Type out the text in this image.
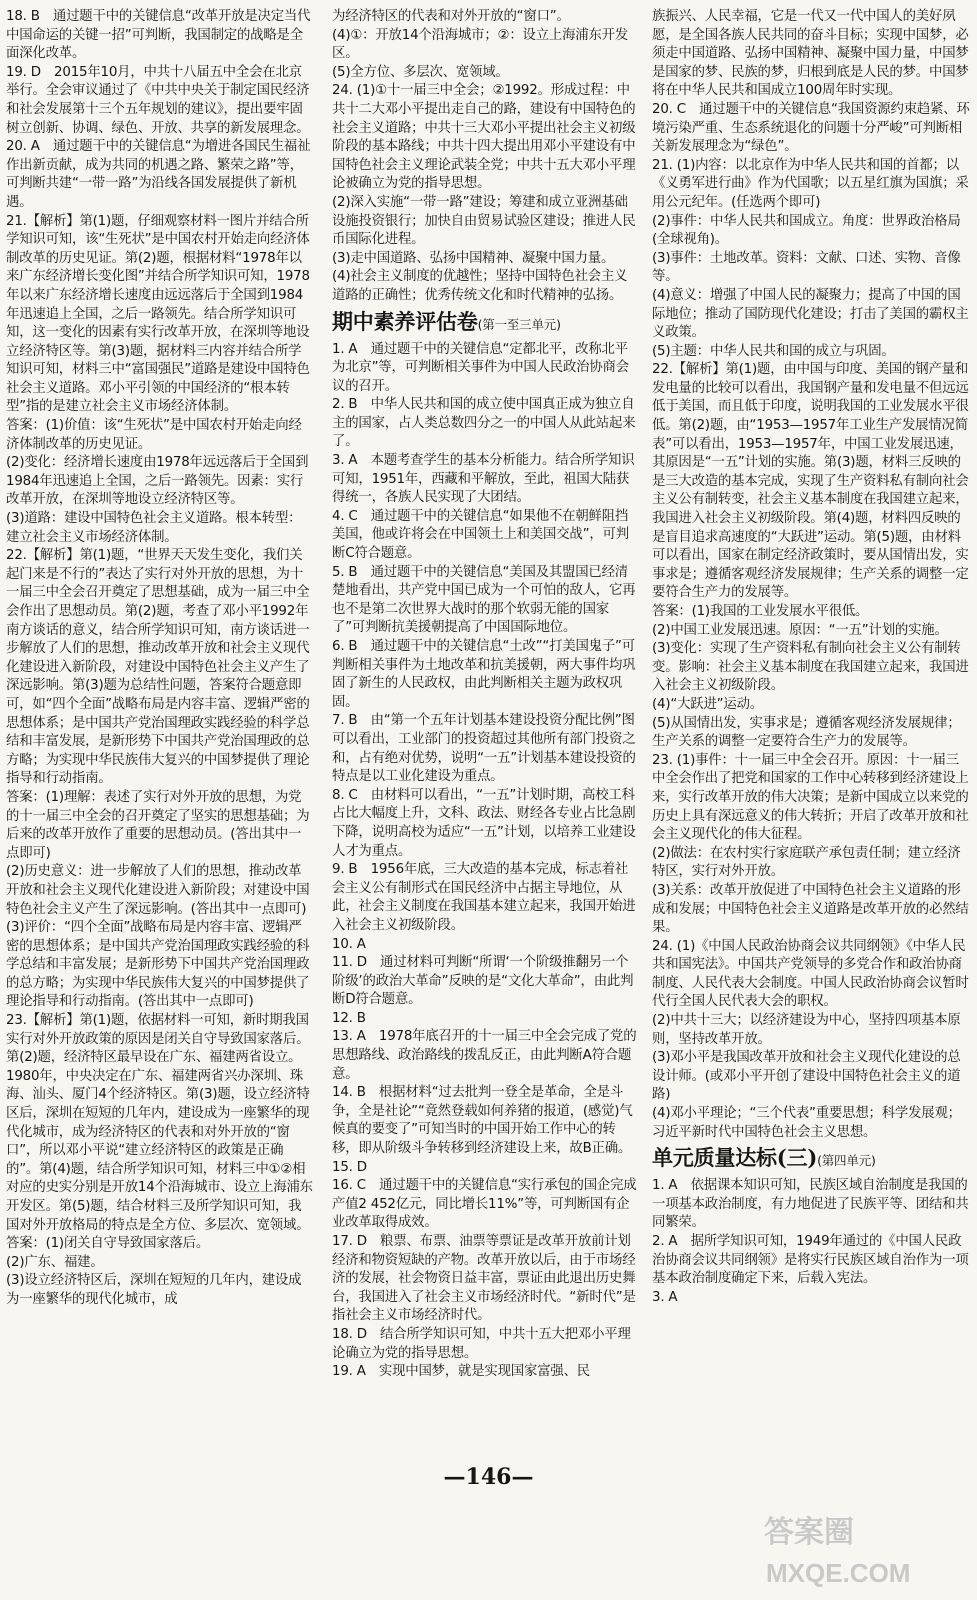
18. B　通过题干中的关键信息“改革开放是决定当代中国命运的关键一招”可判断，我国制定的战略是全面深化改革。

19. D　2015年10月，中共十八届五中全会在北京举行。全会审议通过了《中共中央关于制定国民经济和社会发展第十三个五年规划的建议》，提出要牢固树立创新、协调、绿色、开放、共享的新发展理念。

20. A　通过题干中的关键信息“为增进各国民生福祉作出新贡献，成为共同的机遇之路、繁荣之路”等，可判断共建“一带一路”为沿线各国发展提供了新机遇。

21.【解析】第(1)题，仔细观察材料一图片并结合所学知识可知，该“生死状”是中国农村开始走向经济体制改革的历史见证。第(2)题，根据材料“1978年以来广东经济增长变化图”并结合所学知识可知，1978年以来广东经济增长速度由远远落后于全国到1984年迅速追上全国，之后一路领先。结合所学知识可知，这一变化的因素有实行改革开放，在深圳等地设立经济特区等。第(3)题，据材料三内容并结合所学知识可知，材料三中“富国强民”道路是建设中国特色社会主义道路。邓小平引领的中国经济的“根本转型”指的是建立社会主义市场经济体制。

答案：(1)价值：该“生死状”是中国农村开始走向经济体制改革的历史见证。

(2)变化：经济增长速度由1978年远远落后于全国到1984年迅速追上全国，之后一路领先。因素：实行改革开放，在深圳等地设立经济特区等。

(3)道路：建设中国特色社会主义道路。根本转型：建立社会主义市场经济体制。

22.【解析】第(1)题，“世界天天发生变化，我们关起门来是不行的”表达了实行对外开放的思想，为十一届三中全会召开奠定了思想基础，成为一届三中全会作出了思想动员。第(2)题，考查了邓小平1992年南方谈话的意义，结合所学知识可知，南方谈话进一步解放了人们的思想，推动改革开放和社会主义现代化建设进入新阶段，对建设中国特色社会主义产生了深远影响。第(3)题为总结性问题，答案符合题意即可，如“四个全面”战略布局是内容丰富、逻辑严密的思想体系；是中国共产党治国理政实践经验的科学总结和丰富发展，是新形势下中国共产党治国理政的总方略；为实现中华民族伟大复兴的中国梦提供了理论指导和行动指南。

答案：(1)理解：表述了实行对外开放的思想，为党的十一届三中全会的召开奠定了坚实的思想基础；为后来的改革开放作了重要的思想动员。(答出其中一点即可)

(2)历史意义：进一步解放了人们的思想，推动改革开放和社会主义现代化建设进入新阶段；对建设中国特色社会主义产生了深远影响。(答出其中一点即可)

(3)评价：“四个全面”战略布局是内容丰富、逻辑严密的思想体系；是中国共产党治国理政实践经验的科学总结和丰富发展；是新形势下中国共产党治国理政的总方略；为实现中华民族伟大复兴的中国梦提供了理论指导和行动指南。(答出其中一点即可)

23.【解析】第(1)题，依据材料一可知，新时期我国实行对外开放政策的原因是闭关自守导致国家落后。第(2)题，经济特区最早设在广东、福建两省设立。1980年，中央决定在广东、福建两省兴办深圳、珠海、汕头、厦门4个经济特区。第(3)题，设立经济特区后，深圳在短短的几年内，建设成为一座繁华的现代化城市，成为经济特区的代表和对外开放的“窗口”，所以邓小平说“建立经济特区的政策是正确的”。第(4)题，结合所学知识可知，材料三中①②相对应的史实分别是开放14个沿海城市、设立上海浦东开发区。第(5)题，结合材料三及所学知识可知，我国对外开放格局的特点是全方位、多层次、宽领域。

答案：(1)闭关自守导致国家落后。

(2)广东、福建。

(3)设立经济特区后，深圳在短短的几年内，建设成为一座繁华的现代化城市，成

为经济特区的代表和对外开放的“窗口”。

(4)①：开放14个沿海城市；②：设立上海浦东开发区。

(5)全方位、多层次、宽领域。

24. (1)①十一届三中全会；②1992。形成过程：中共十二大邓小平提出走自己的路，建设有中国特色的社会主义道路；中共十三大邓小平提出社会主义初级阶段的基本路线；中共十四大提出用邓小平建设有中国特色社会主义理论武装全党；中共十五大邓小平理论被确立为党的指导思想。

(2)深入实施“一带一路”建设；筹建和成立亚洲基础设施投资银行；加快自由贸易试验区建设；推进人民币国际化进程。

(3)走中国道路、弘扬中国精神、凝聚中国力量。

(4)社会主义制度的优越性；坚持中国特色社会主义道路的正确性；优秀传统文化和时代精神的弘扬。

期中素养评估卷(第一至三单元)

1. A　通过题干中的关键信息“定都北平，改称北平为北京”等，可判断相关事件为中国人民政治协商会议的召开。

2. B　中华人民共和国的成立使中国真正成为独立自主的国家，占人类总数四分之一的中国人从此站起来了。

3. A　本题考查学生的基本分析能力。结合所学知识可知，1951年，西藏和平解放，至此，祖国大陆获得统一，各族人民实现了大团结。

4. C　通过题干中的关键信息“如果他不在朝鲜阻挡美国，他或许将会在中国领土上和美国交战”，可判断C符合题意。

5. B　通过题干中的关键信息“美国及其盟国已经清楚地看出，共产党中国已成为一个可怕的敌人，它再也不是第二次世界大战时的那个软弱无能的国家了”可判断抗美援朝提高了中国国际地位。

6. B　通过题干中的关键信息“土改”“打美国鬼子”可判断相关事件为土地改革和抗美援朝，两大事件均巩固了新生的人民政权，由此判断相关主题为政权巩固。

7. B　由“第一个五年计划基本建设投资分配比例”图可以看出，工业部门的投资超过其他所有部门投资之和，占有绝对优势，说明“一五”计划基本建设投资的特点是以工业化建设为重点。

8. C　由材料可以看出，“一五”计划时期，高校工科占比大幅度上升，文科、政法、财经各专业占比急剧下降，说明高校为适应“一五”计划，以培养工业建设人才为重点。

9. B　1956年底，三大改造的基本完成，标志着社会主义公有制形式在国民经济中占据主导地位，从此，社会主义制度在我国基本建立起来，我国开始进入社会主义初级阶段。

10. A

11. D　通过材料可判断“所谓‘一个阶级推翻另一个阶级’的政治大革命”反映的是“文化大革命”，由此判断D符合题意。

12. B

13. A　1978年底召开的十一届三中全会完成了党的思想路线、政治路线的拨乱反正，由此判断A符合题意。

14. B　根据材料“过去批判一登全是革命，全是斗争，全是社论”“竟然登载如何养猪的报道，(感觉)气候真的要变了”可知当时的中国开始工作中心的转移，即从阶级斗争转移到经济建设上来，故B正确。

15. D

16. C　通过题干中的关键信息“实行承包的国企完成产值2 452亿元，同比增长11%”等，可判断国有企业改革取得成效。

17. D　粮票、布票、油票等票证是改革开放前计划经济和物资短缺的产物。改革开放以后，由于市场经济的发展，社会物资日益丰富，票证由此退出历史舞台，我国进入了社会主义市场经济时代。“新时代”是指社会主义市场经济时代。

18. D　结合所学知识可知，中共十五大把邓小平理论确立为党的指导思想。

19. A　实现中国梦，就是实现国家富强、民

族振兴、人民幸福，它是一代又一代中国人的美好夙愿，是全国各族人民共同的奋斗目标；实现中国梦，必须走中国道路、弘扬中国精神、凝聚中国力量，中国梦是国家的梦、民族的梦，归根到底是人民的梦。中国梦将在中华人民共和国成立100周年时实现。

20. C　通过题干中的关键信息“我国资源约束趋紧、环境污染严重、生态系统退化的问题十分严峻”可判断相关新发展理念为“绿色”。

21. (1)内容：以北京作为中华人民共和国的首都；以《义勇军进行曲》作为代国歌；以五星红旗为国旗；采用公元纪年。(任选两个即可)

(2)事件：中华人民共和国成立。角度：世界政治格局(全球视角)。

(3)事件：土地改革。资料：文献、口述、实物、音像等。

(4)意义：增强了中国人民的凝聚力；提高了中国的国际地位；推动了国防现代化建设；打击了美国的霸权主义政策。

(5)主题：中华人民共和国的成立与巩固。

22.【解析】第(1)题，由中国与印度、美国的钢产量和发电量的比较可以看出，我国钢产量和发电量不但远远低于美国，而且低于印度，说明我国的工业发展水平很低。第(2)题，由“1953—1957年工业生产发展情况简表”可以看出，1953—1957年，中国工业发展迅速，其原因是“一五”计划的实施。第(3)题，材料三反映的是三大改造的基本完成，实现了生产资料私有制向社会主义公有制转变，社会主义基本制度在我国建立起来，我国进入社会主义初级阶段。第(4)题，材料四反映的是盲目追求高速度的“大跃进”运动。第(5)题，由材料可以看出，国家在制定经济政策时，要从国情出发，实事求是；遵循客观经济发展规律；生产关系的调整一定要符合生产力的发展等。

答案：(1)我国的工业发展水平很低。

(2)中国工业发展迅速。原因：“一五”计划的实施。

(3)变化：实现了生产资料私有制向社会主义公有制转变。影响：社会主义基本制度在我国建立起来，我国进入社会主义初级阶段。

(4)“大跃进”运动。

(5)从国情出发，实事求是；遵循客观经济发展规律；生产关系的调整一定要符合生产力的发展等。

23. (1)事件：十一届三中全会召开。原因：十一届三中全会作出了把党和国家的工作中心转移到经济建设上来，实行改革开放的伟大决策；是新中国成立以来党的历史上具有深远意义的伟大转折；开启了改革开放和社会主义现代化的伟大征程。

(2)做法：在农村实行家庭联产承包责任制；建立经济特区，实行对外开放。

(3)关系：改革开放促进了中国特色社会主义道路的形成和发展；中国特色社会主义道路是改革开放的必然结果。

24. (1)《中国人民政治协商会议共同纲领》《中华人民共和国宪法》。中国共产党领导的多党合作和政治协商制度、人民代表大会制度。中国人民政治协商会议暂时代行全国人民代表大会的职权。

(2)中共十三大；以经济建设为中心，坚持四项基本原则，坚持改革开放。

(3)邓小平是我国改革开放和社会主义现代化建设的总设计师。(或邓小平开创了建设中国特色社会主义的道路)

(4)邓小平理论；“三个代表”重要思想；科学发展观；习近平新时代中国特色社会主义思想。

单元质量达标(三)(第四单元)

1. A　依据课本知识可知，民族区域自治制度是我国的一项基本政治制度，有力地促进了民族平等、团结和共同繁荣。

2. A　据所学知识可知，1949年通过的《中国人民政治协商会议共同纲领》是将实行民族区域自治作为一项基本政治制度确定下来，后载入宪法。

3. A

—146—
答案圈
MXQE.COM
